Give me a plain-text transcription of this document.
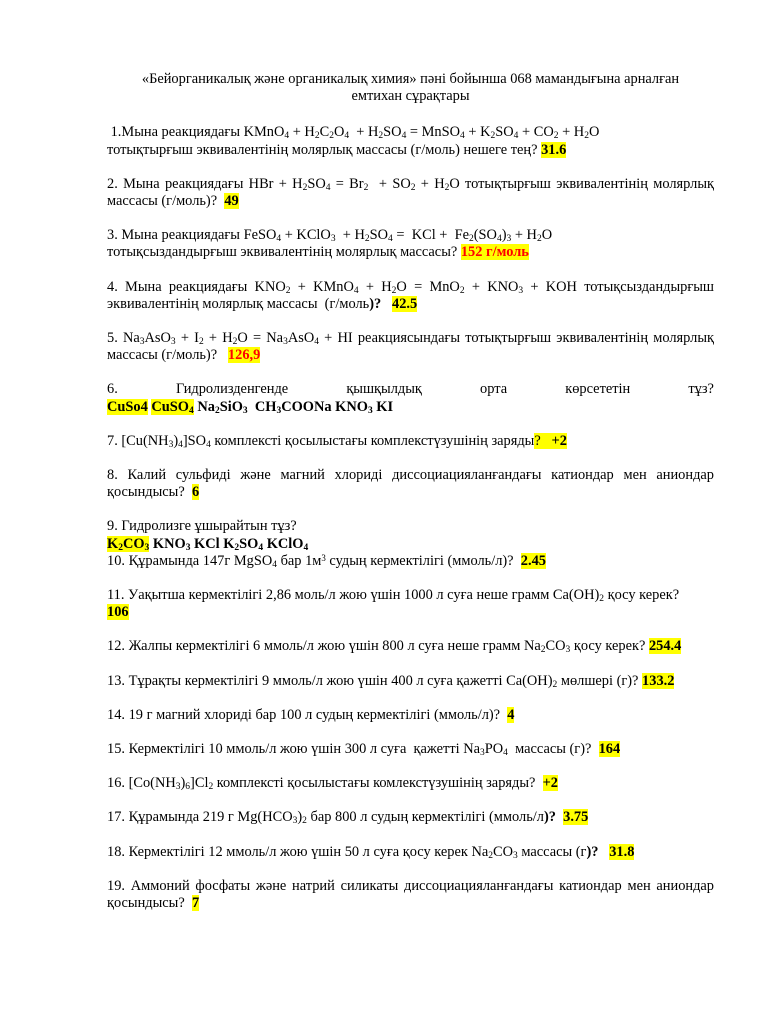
«Бейорганикалық және органикалық химия» пәні бойынша 068 мамандығына арналған
емтихан сұрақтары
1.Мына реакциядағы KMnO$_4$ + $H_2C_2O_4 + H_2SO_4$ = MnSO$_4$ + $K_2SO_4 + CO_2 + H_2O$
тотықтырғыш эквивалентінің молярлық массасы (г/моль) нешеге тең? 31.6
2. Мына реакциядағы HBr + $H_2SO_4 = Br_2 + SO_2 + H_2O$ тотықтырғыш эквивалентінің молярлық массасы (г/моль)?  49
3. Мына реакциядағы FeSO$_4$ + KClO$_3$  + $H_2SO_4$ =  KCl +  $Fe_2(SO_4)_3 + H_2O$
тотықсыздандырғыш эквивалентінің молярлық массасы? 152 г/моль
4. Мына реакциядағы $KNO_2$ + KMnO$_4$ + $H_2O = MnO_2 + KNO_3$ + KOH тотықсыздандырғыш эквивалентінің молярлық массасы  (г/моль)? 42.5
5. $Na_3AsO_3 + I_2 + H_2O = Na_3AsO_4$ + HI реакциясындағы тотықтырғыш эквивалентінің молярлық массасы (г/моль)?   126,9
6.	Гидролизденгенде	қышқылдық	орта	көрсететін	тұз?
CuSo4 CuSO$_4$ $Na_2SiO_3$  $CH_3COONa$ $KNO_3$ KI
7. $[Cu(NH_3)_4]SO_4$ комплексті қосылыстағы комплекстүзушінің заряды?   +2
8. Калий сульфиді және магний хлориді диссоциацияланғандағы катиондар мен аниондар қосындысы?  6
9. Гидролизге ұшырайтын тұз?
$K_2CO_3$ $KNO_3$ KCl $K_2SO_4$ KClO$_4$
10. Құрамында 147г MgSO$_4$ бар $1м^3$ судың кермектілігі (ммоль/л)?  2.45
11. Уақытша кермектілігі 2,86 моль/л жою үшін 1000 л суға неше грамм $Ca(OH)_2$ қосу керек?
106
12. Жалпы кермектілігі 6 ммоль/л жою үшін 800 л суға неше грамм $Na_2CO_3$ қосу керек? 254.4
13. Тұрақты кермектілігі 9 ммоль/л жою үшін 400 л суға қажетті $Ca(OH)_2$ мөлшері (г)? 133.2
14. 19 г магний хлориді бар 100 л судың кермектілігі (ммоль/л)?  4
15. Кермектілігі 10 ммоль/л жою үшін 300 л суға  қажетті $Na_3PO_4$  массасы (г)?  164
16. $[Co(NH_3)_6]Cl_2$ комплексті қосылыстағы комлекстүзушінің заряды?  +2
17. Құрамында 219 г $Mg(HCO_3)_2$ бар 800 л судың кермектілігі (ммоль/л)? 3.75
18. Кермектілігі 12 ммоль/л жою үшін 50 л суға қосу керек $Na_2CO_3$ массасы (г)? 31.8
19. Аммоний фосфаты және натрий силикаты диссоциацияланғандағы катиондар мен аниондар қосындысы?  7
